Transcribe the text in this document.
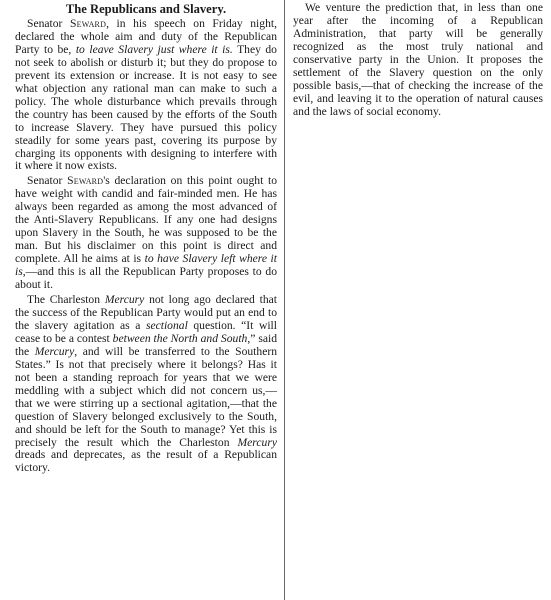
The Republicans and Slavery.

Senator Seward, in his speech on Friday night, declared the whole aim and duty of the Republican Party to be, to leave Slavery just where it is. They do not seek to abolish or disturb it; but they do propose to prevent its extension or increase. It is not easy to see what objection any rational man can make to such a policy. The whole disturbance which prevails through the country has been caused by the efforts of the South to increase Slavery. They have pursued this policy steadily for some years past, covering its purpose by charging its opponents with designing to interfere with it where it now exists.

Senator Seward's declaration on this point ought to have weight with candid and fair-minded men. He has always been regarded as among the most advanced of the Anti-Slavery Republicans. If any one had designs upon Slavery in the South, he was supposed to be the man. But his disclaimer on this point is direct and complete. All he aims at is to have Slavery left where it is,—and this is all the Republican Party proposes to do about it.

The Charleston Mercury not long ago declared that the success of the Republican Party would put an end to the slavery agitation as a sectional question. “It will cease to be a contest between the North and South,” said the Mercury, and will be transferred to the Southern States.” Is not that precisely where it belongs? Has it not been a standing reproach for years that we were meddling with a subject which did not concern us,—that we were stirring up a sectional agitation,—that the question of Slavery belonged exclusively to the South, and should be left for the South to manage? Yet this is precisely the result which the Charleston Mercury dreads and deprecates, as the result of a Republican victory.

We venture the prediction that, in less than one year after the incoming of a Republican Administration, that party will be generally recognized as the most truly national and conservative party in the Union. It proposes the settlement of the Slavery question on the only possible basis,—that of checking the increase of the evil, and leaving it to the operation of natural causes and the laws of social economy.
